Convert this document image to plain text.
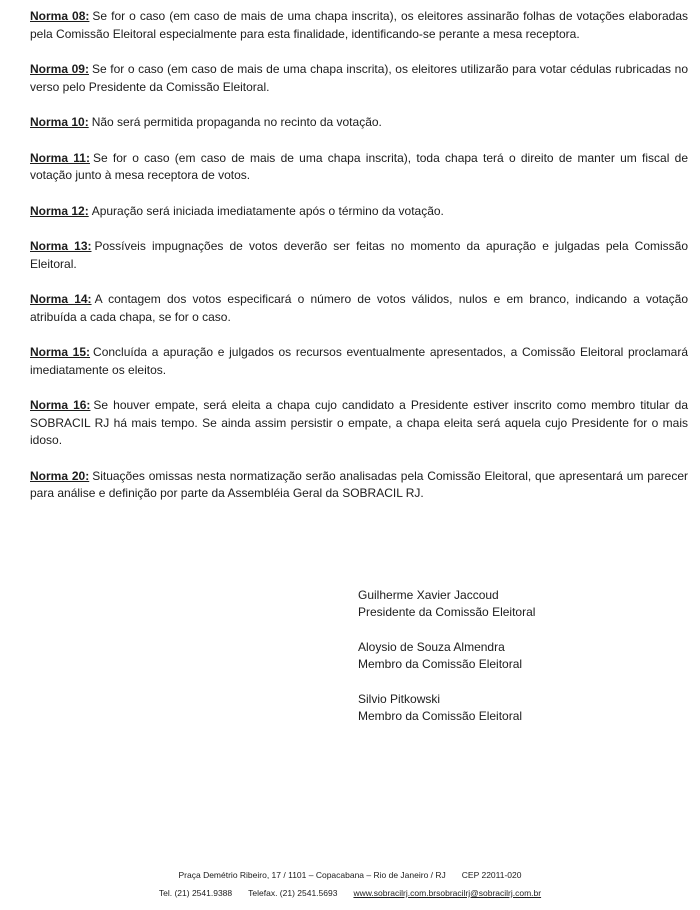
Norma 08: Se for o caso (em caso de mais de uma chapa inscrita), os eleitores assinarão folhas de votações elaboradas pela Comissão Eleitoral especialmente para esta finalidade, identificando-se perante a mesa receptora.

Norma 09: Se for o caso (em caso de mais de uma chapa inscrita), os eleitores utilizarão para votar cédulas rubricadas no verso pelo Presidente da Comissão Eleitoral.

Norma 10: Não será permitida propaganda no recinto da votação.

Norma 11: Se for o caso (em caso de mais de uma chapa inscrita), toda chapa terá o direito de manter um fiscal de votação junto à mesa receptora de votos.

Norma 12: Apuração será iniciada imediatamente após o término da votação.

Norma 13: Possíveis impugnações de votos deverão ser feitas no momento da apuração e julgadas pela Comissão Eleitoral.

Norma 14: A contagem dos votos especificará o número de votos válidos, nulos e em branco, indicando a votação atribuída a cada chapa, se for o caso.

Norma 15: Concluída a apuração e julgados os recursos eventualmente apresentados, a Comissão Eleitoral proclamará imediatamente os eleitos.

Norma 16: Se houver empate, será eleita a chapa cujo candidato a Presidente estiver inscrito como membro titular da SOBRACIL RJ há mais tempo. Se ainda assim persistir o empate, a chapa eleita será aquela cujo Presidente for o mais idoso.

Norma 20: Situações omissas nesta normatização serão analisadas pela Comissão Eleitoral, que apresentará um parecer para análise e definição por parte da Assembléia Geral da SOBRACIL RJ.

Guilherme Xavier Jaccoud
Presidente da Comissão Eleitoral
Aloysio de Souza Almendra
Membro da Comissão Eleitoral
Silvio Pitkowski
Membro da Comissão Eleitoral
Praça Demétrio Ribeiro, 17 / 1101 – Copacabana – Rio de Janeiro / RJ CEP 22011-020
Tel. (21) 2541.9388 Telefax. (21) 2541.5693 www.sobracilrj.com.brsobracilrj@sobracilrj.com.br
